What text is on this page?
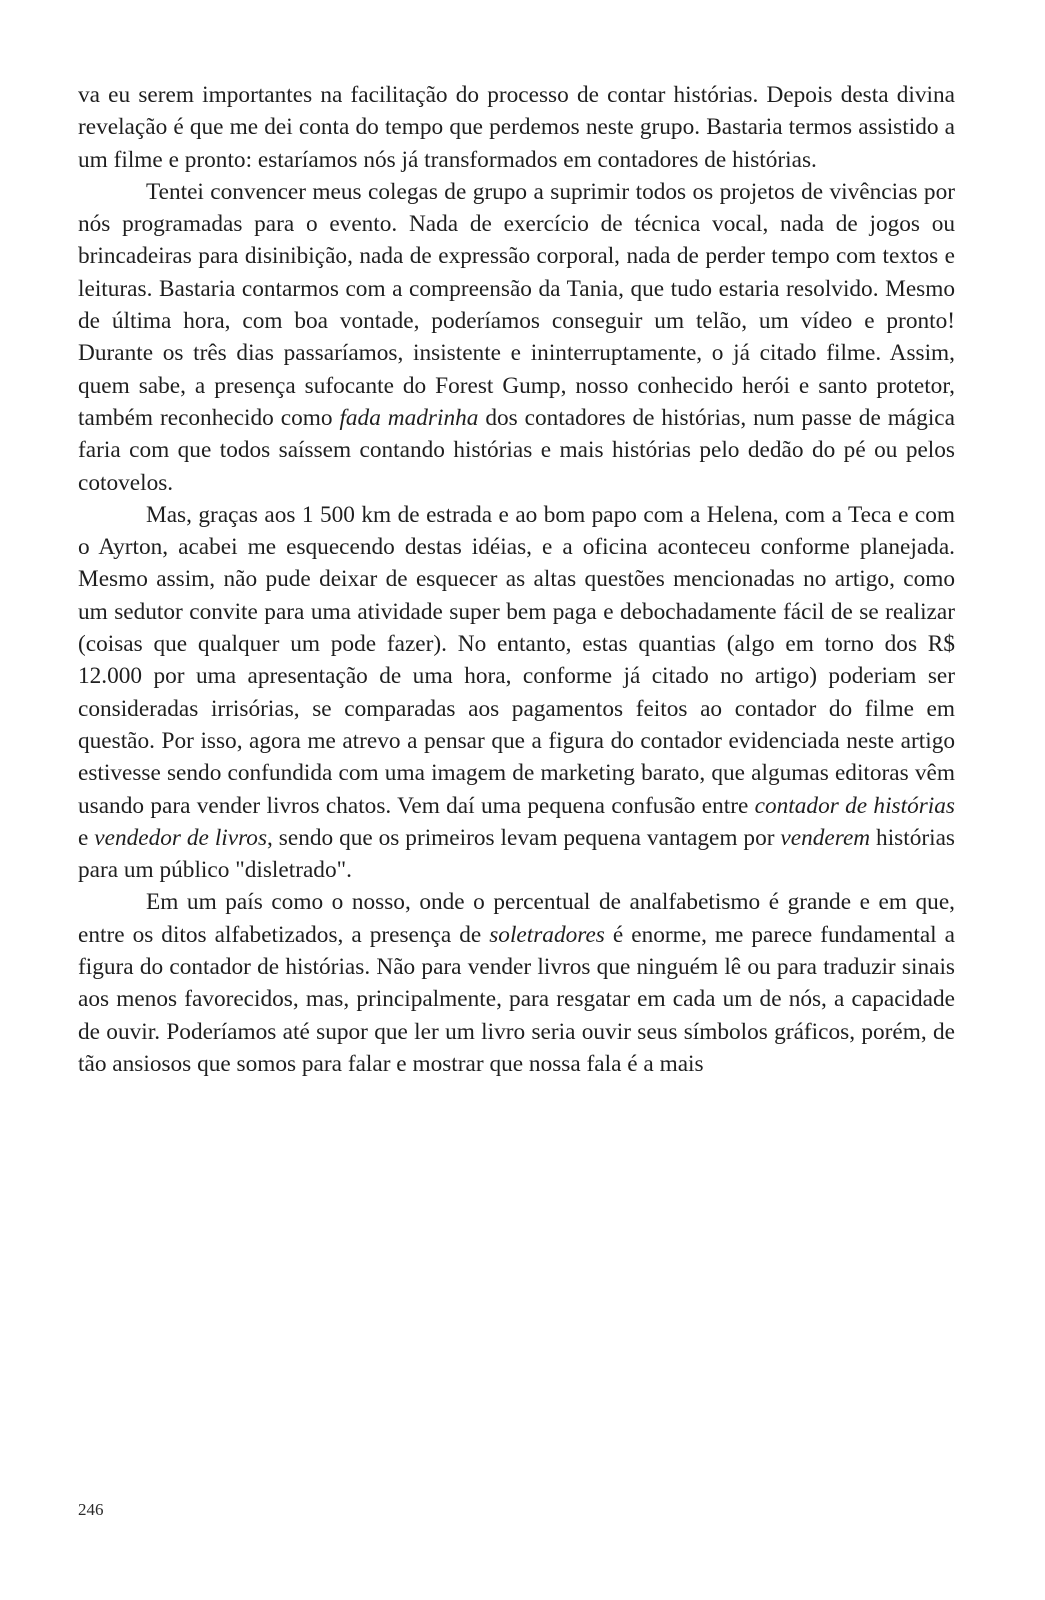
va eu serem importantes na facilitação do processo de contar histórias. Depois desta divina revelação é que me dei conta do tempo que perdemos neste grupo. Bastaria termos assistido a um filme e pronto: estaríamos nós já transformados em contadores de histórias.

Tentei convencer meus colegas de grupo a suprimir todos os projetos de vivências por nós programadas para o evento. Nada de exercício de técnica vocal, nada de jogos ou brincadeiras para disinibição, nada de expressão corporal, nada de perder tempo com textos e leituras. Bastaria contarmos com a compreensão da Tania, que tudo estaria resolvido. Mesmo de última hora, com boa vontade, poderíamos conseguir um telão, um vídeo e pronto! Durante os três dias passaríamos, insistente e ininterruptamente, o já citado filme. Assim, quem sabe, a presença sufocante do Forest Gump, nosso conhecido herói e santo protetor, também reconhecido como fada madrinha dos contadores de histórias, num passe de mágica faria com que todos saíssem contando histórias e mais histórias pelo dedão do pé ou pelos cotovelos.

Mas, graças aos 1 500 km de estrada e ao bom papo com a Helena, com a Teca e com o Ayrton, acabei me esquecendo destas idéias, e a oficina aconteceu conforme planejada. Mesmo assim, não pude deixar de esquecer as altas questões mencionadas no artigo, como um sedutor convite para uma atividade super bem paga e debochadamente fácil de se realizar (coisas que qualquer um pode fazer). No entanto, estas quantias (algo em torno dos R$ 12.000 por uma apresentação de uma hora, conforme já citado no artigo) poderiam ser consideradas irrisórias, se comparadas aos pagamentos feitos ao contador do filme em questão. Por isso, agora me atrevo a pensar que a figura do contador evidenciada neste artigo estivesse sendo confundida com uma imagem de marketing barato, que algumas editoras vêm usando para vender livros chatos. Vem daí uma pequena confusão entre contador de histórias e vendedor de livros, sendo que os primeiros levam pequena vantagem por venderem histórias para um público "disletrado".

Em um país como o nosso, onde o percentual de analfabetismo é grande e em que, entre os ditos alfabetizados, a presença de soletradores é enorme, me parece fundamental a figura do contador de histórias. Não para vender livros que ninguém lê ou para traduzir sinais aos menos favorecidos, mas, principalmente, para resgatar em cada um de nós, a capacidade de ouvir. Poderíamos até supor que ler um livro seria ouvir seus símbolos gráficos, porém, de tão ansiosos que somos para falar e mostrar que nossa fala é a mais

246
